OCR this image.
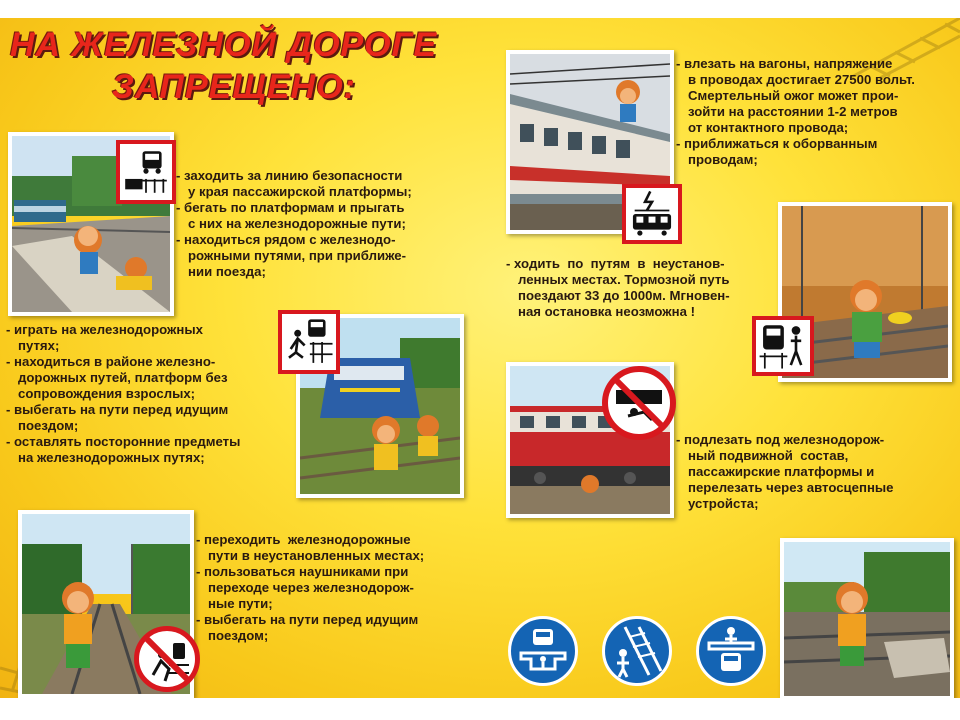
НА ЖЕЛЕЗНОЙ ДОРОГЕ
ЗАПРЕЩЕНО:
- заходить за линию безопасности
у края пассажирской платформы;
- бегать по платформам и прыгать
с них на железнодорожные пути;
- находиться рядом с железнодо-
рожными путями, при приближе-
нии поезда;
- играть на железнодорожных
путях;
- находиться в районе железно-
дорожных путей, платформ без
сопровождения взрослых;
- выбегать на пути перед идущим
поездом;
- оставлять посторонние предметы
на железнодорожных путях;
- переходить  железнодорожные
пути в неустановленных местах;
- пользоваться наушниками при
переходе через железнодорож-
ные пути;
- выбегать на пути перед идущим
поездом;
- влезать на вагоны, напряжение
в проводах достигает 27500 вольт.
Смертельный ожог может прои-
зойти на расстоянии 1-2 метров
от контактного провода;
- приближаться к оборванным
проводам;
- ходить  по  путям  в  неустанов-
ленных местах. Тормозной путь
поездают 33 до 1000м. Мгновен-
ная остановка неозможна !
- подлезать под железнодорож-
ный подвижной  состав,
пассажирские платформы и
перелезать через автосцепные
устройста;
